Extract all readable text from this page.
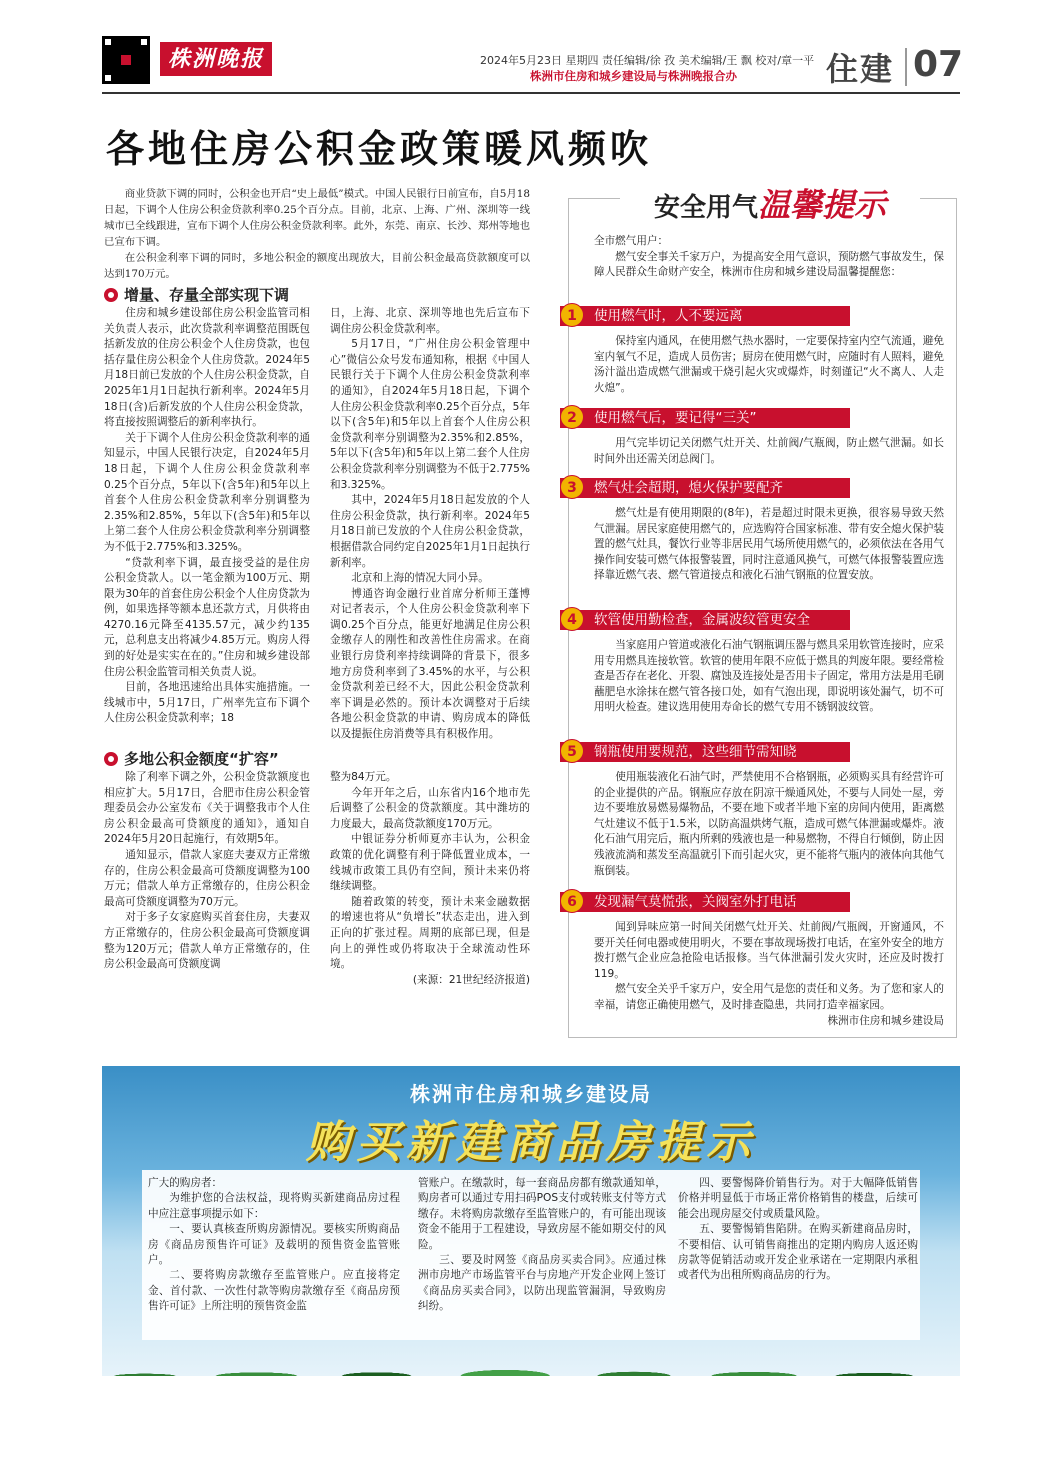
株洲晚报	2024年5月23日 星期四 责任编辑/徐 孜 美术编辑/王 飘 校对/章一平
株洲市住房和城乡建设局与株洲晚报合办	住建 07
各地住房公积金政策暖风频吹

商业贷款下调的同时，公积金也开启“史上最低”模式。中国人民银行日前宣布，自5月18日起，下调个人住房公积金贷款利率0.25个百分点。目前，北京、上海、广州、深圳等一线城市已全线跟进，宣布下调个人住房公积金贷款利率。此外，东莞、南京、长沙、郑州等地也已宣布下调。

在公积金利率下调的同时，多地公积金的额度出现放大，目前公积金最高贷款额度可以达到170万元。

增量、存量全部实现下调

住房和城乡建设部住房公积金监管司相关负责人表示，此次贷款利率调整范围既包括新发放的住房公积金个人住房贷款，也包括存量住房公积金个人住房贷款。2024年5月18日前已发放的个人住房公积金贷款，自2025年1月1日起执行新利率。2024年5月18日(含)后新发放的个人住房公积金贷款，将直接按照调整后的新利率执行。

关于下调个人住房公积金贷款利率的通知显示，中国人民银行决定，自2024年5月18日起，下调个人住房公积金贷款利率0.25个百分点，5年以下(含5年)和5年以上首套个人住房公积金贷款利率分别调整为2.35%和2.85%，5年以下(含5年)和5年以上第二套个人住房公积金贷款利率分别调整为不低于2.775%和3.325%。

“贷款利率下调，最直接受益的是住房公积金贷款人。以一笔金额为100万元、期限为30年的首套住房公积金个人住房贷款为例，如果选择等额本息还款方式，月供将由4270.16元降至4135.57元，减少约135元，总利息支出将减少4.85万元。购房人得到的好处是实实在在的。”住房和城乡建设部住房公积金监管司相关负责人说。

目前，各地迅速给出具体实施措施。一线城市中，5月17日，广州率先宣布下调个人住房公积金贷款利率；18

日，上海、北京、深圳等地也先后宣布下调住房公积金贷款利率。

5月17日，“广州住房公积金管理中心”微信公众号发布通知称，根据《中国人民银行关于下调个人住房公积金贷款利率的通知》，自2024年5月18日起，下调个人住房公积金贷款利率0.25个百分点，5年以下(含5年)和5年以上首套个人住房公积金贷款利率分别调整为2.35%和2.85%，5年以下(含5年)和5年以上第二套个人住房公积金贷款利率分别调整为不低于2.775%和3.325%。

其中，2024年5月18日起发放的个人住房公积金贷款，执行新利率。2024年5月18日前已发放的个人住房公积金贷款，根据借款合同约定自2025年1月1日起执行新利率。

北京和上海的情况大同小异。

博通咨询金融行业首席分析师王蓬博对记者表示，个人住房公积金贷款利率下调0.25个百分点，能更好地满足住房公积金缴存人的刚性和改善性住房需求。在商业银行房贷利率持续调降的背景下，很多地方房贷利率到了3.45%的水平，与公积金贷款利差已经不大，因此公积金贷款利率下调是必然的。预计本次调整对于后续各地公积金贷款的申请、购房成本的降低以及提振住房消费等具有积极作用。

多地公积金额度“扩容”

除了利率下调之外，公积金贷款额度也相应扩大。5月17日，合肥市住房公积金管理委员会办公室发布《关于调整我市个人住房公积金最高可贷额度的通知》，通知自2024年5月20日起施行，有效期5年。

通知显示，借款人家庭夫妻双方正常缴存的，住房公积金最高可贷额度调整为100万元；借款人单方正常缴存的，住房公积金最高可贷额度调整为70万元。

对于多子女家庭购买首套住房，夫妻双方正常缴存的，住房公积金最高可贷额度调整为120万元；借款人单方正常缴存的，住房公积金最高可贷额度调

整为84万元。

今年开年之后，山东省内16个地市先后调整了公积金的贷款额度。其中潍坊的力度最大，最高贷款额度170万元。

中银证券分析师夏亦丰认为，公积金政策的优化调整有利于降低置业成本，一线城市政策工具仍有空间，预计未来仍将继续调整。

随着政策的转变，预计未来金融数据的增速也将从“负增长”状态走出，进入到正向的扩张过程。周期的底部已现，但是向上的弹性或仍将取决于全球流动性环境。

(来源：21世纪经济报道)

安全用气温馨提示

全市燃气用户：

燃气安全事关千家万户，为提高安全用气意识，预防燃气事故发生，保障人民群众生命财产安全，株洲市住房和城乡建设局温馨提醒您：

1	使用燃气时，人不要远离

保持室内通风，在使用燃气热水器时，一定要保持室内空气流通，避免室内氧气不足，造成人员伤害；厨房在使用燃气时，应随时有人照料，避免汤汁溢出造成燃气泄漏或干烧引起火灾或爆炸，时刻谨记“火不离人、人走火熄”。

2	使用燃气后，要记得“三关”

用气完毕切记关闭燃气灶开关、灶前阀/气瓶阀，防止燃气泄漏。如长时间外出还需关闭总阀门。

3	燃气灶会超期，熄火保护要配齐

燃气灶是有使用期限的(8年)，若是超过时限未更换，很容易导致天然气泄漏。居民家庭使用燃气的，应选购符合国家标准、带有安全熄火保护装置的燃气灶具，餐饮行业等非居民用气场所使用燃气的，必须依法在各用气操作间安装可燃气体报警装置，同时注意通风换气，可燃气体报警装置应选择靠近燃气表、燃气管道接点和液化石油气钢瓶的位置安放。

4	软管使用勤检查，金属波纹管更安全

当家庭用户管道或液化石油气钢瓶调压器与燃具采用软管连接时，应采用专用燃具连接软管。软管的使用年限不应低于燃具的判废年限。要经常检查是否存在老化、开裂、腐蚀及连接处是否用卡子固定，常用方法是用毛刷蘸肥皂水涂抹在燃气管各接口处，如有气泡出现，即说明该处漏气，切不可用明火检查。建议选用使用寿命长的燃气专用不锈钢波纹管。

5	钢瓶使用要规范，这些细节需知晓

使用瓶装液化石油气时，严禁使用不合格钢瓶，必须购买具有经营许可的企业提供的产品。钢瓶应存放在阴凉干燥通风处，不要与人同处一屋，旁边不要堆放易燃易爆物品，不要在地下或者半地下室的房间内使用，距离燃气灶建议不低于1.5米，以防高温烘烤气瓶，造成可燃气体泄漏或爆炸。液化石油气用完后，瓶内所剩的残液也是一种易燃物，不得自行倾倒，防止因残液流淌和蒸发至高温就引下而引起火灾，更不能将气瓶内的液体向其他气瓶倒装。

6	发现漏气莫慌张，关阀室外打电话

闻到异味应第一时间关闭燃气灶开关、灶前阀/气瓶阀，开窗通风，不要开关任何电器或使用明火，不要在事故现场拨打电话，在室外安全的地方拨打燃气企业应急抢险电话报修。当气体泄漏引发火灾时，还应及时拨打119。

燃气安全关乎千家万户，安全用气是您的责任和义务。为了您和家人的幸福，请您正确使用燃气，及时排查隐患，共同打造幸福家园。

株洲市住房和城乡建设局

株洲市住房和城乡建设局
购买新建商品房提示

广大的购房者：

为维护您的合法权益，现将购买新建商品房过程中应注意事项提示如下：

一、要认真核查所购房源情况。要核实所购商品房《商品房预售许可证》及载明的预售资金监管账户。

二、要将购房款缴存至监管账户。应直接将定金、首付款、一次性付款等购房款缴存至《商品房预售许可证》上所注明的预售资金监

管账户。在缴款时，每一套商品房都有缴款通知单，购房者可以通过专用扫码POS支付或转账支付等方式缴存。未将购房款缴存至监管账户的，有可能出现该资金不能用于工程建设，导致房屋不能如期交付的风险。

三、要及时网签《商品房买卖合同》。应通过株洲市房地产市场监管平台与房地产开发企业网上签订《商品房买卖合同》，以防出现监管漏洞，导致购房纠纷。

四、要警惕降价销售行为。对于大幅降低销售价格并明显低于市场正常价格销售的楼盘，后续可能会出现房屋交付或质量风险。

五、要警惕销售陷阱。在购买新建商品房时，不要相信、认可销售商推出的定期内购房人返还购房款等促销活动或开发企业承诺在一定期限内承租或者代为出租所购商品房的行为。
